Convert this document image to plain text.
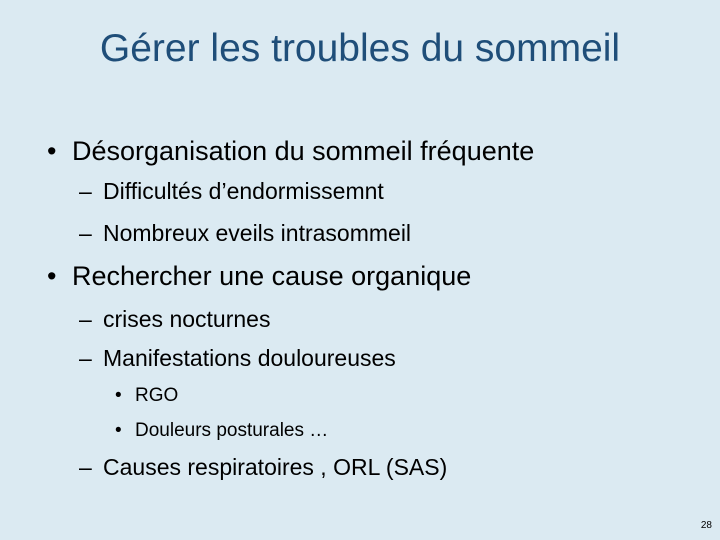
Gérer les troubles du sommeil
• Désorganisation du sommeil fréquente
– Difficultés d’endormissemnt
– Nombreux eveils intrasommeil
• Rechercher une cause organique
– crises nocturnes
– Manifestations douloureuses
• RGO
• Douleurs posturales …
– Causes respiratoires , ORL (SAS)
28
